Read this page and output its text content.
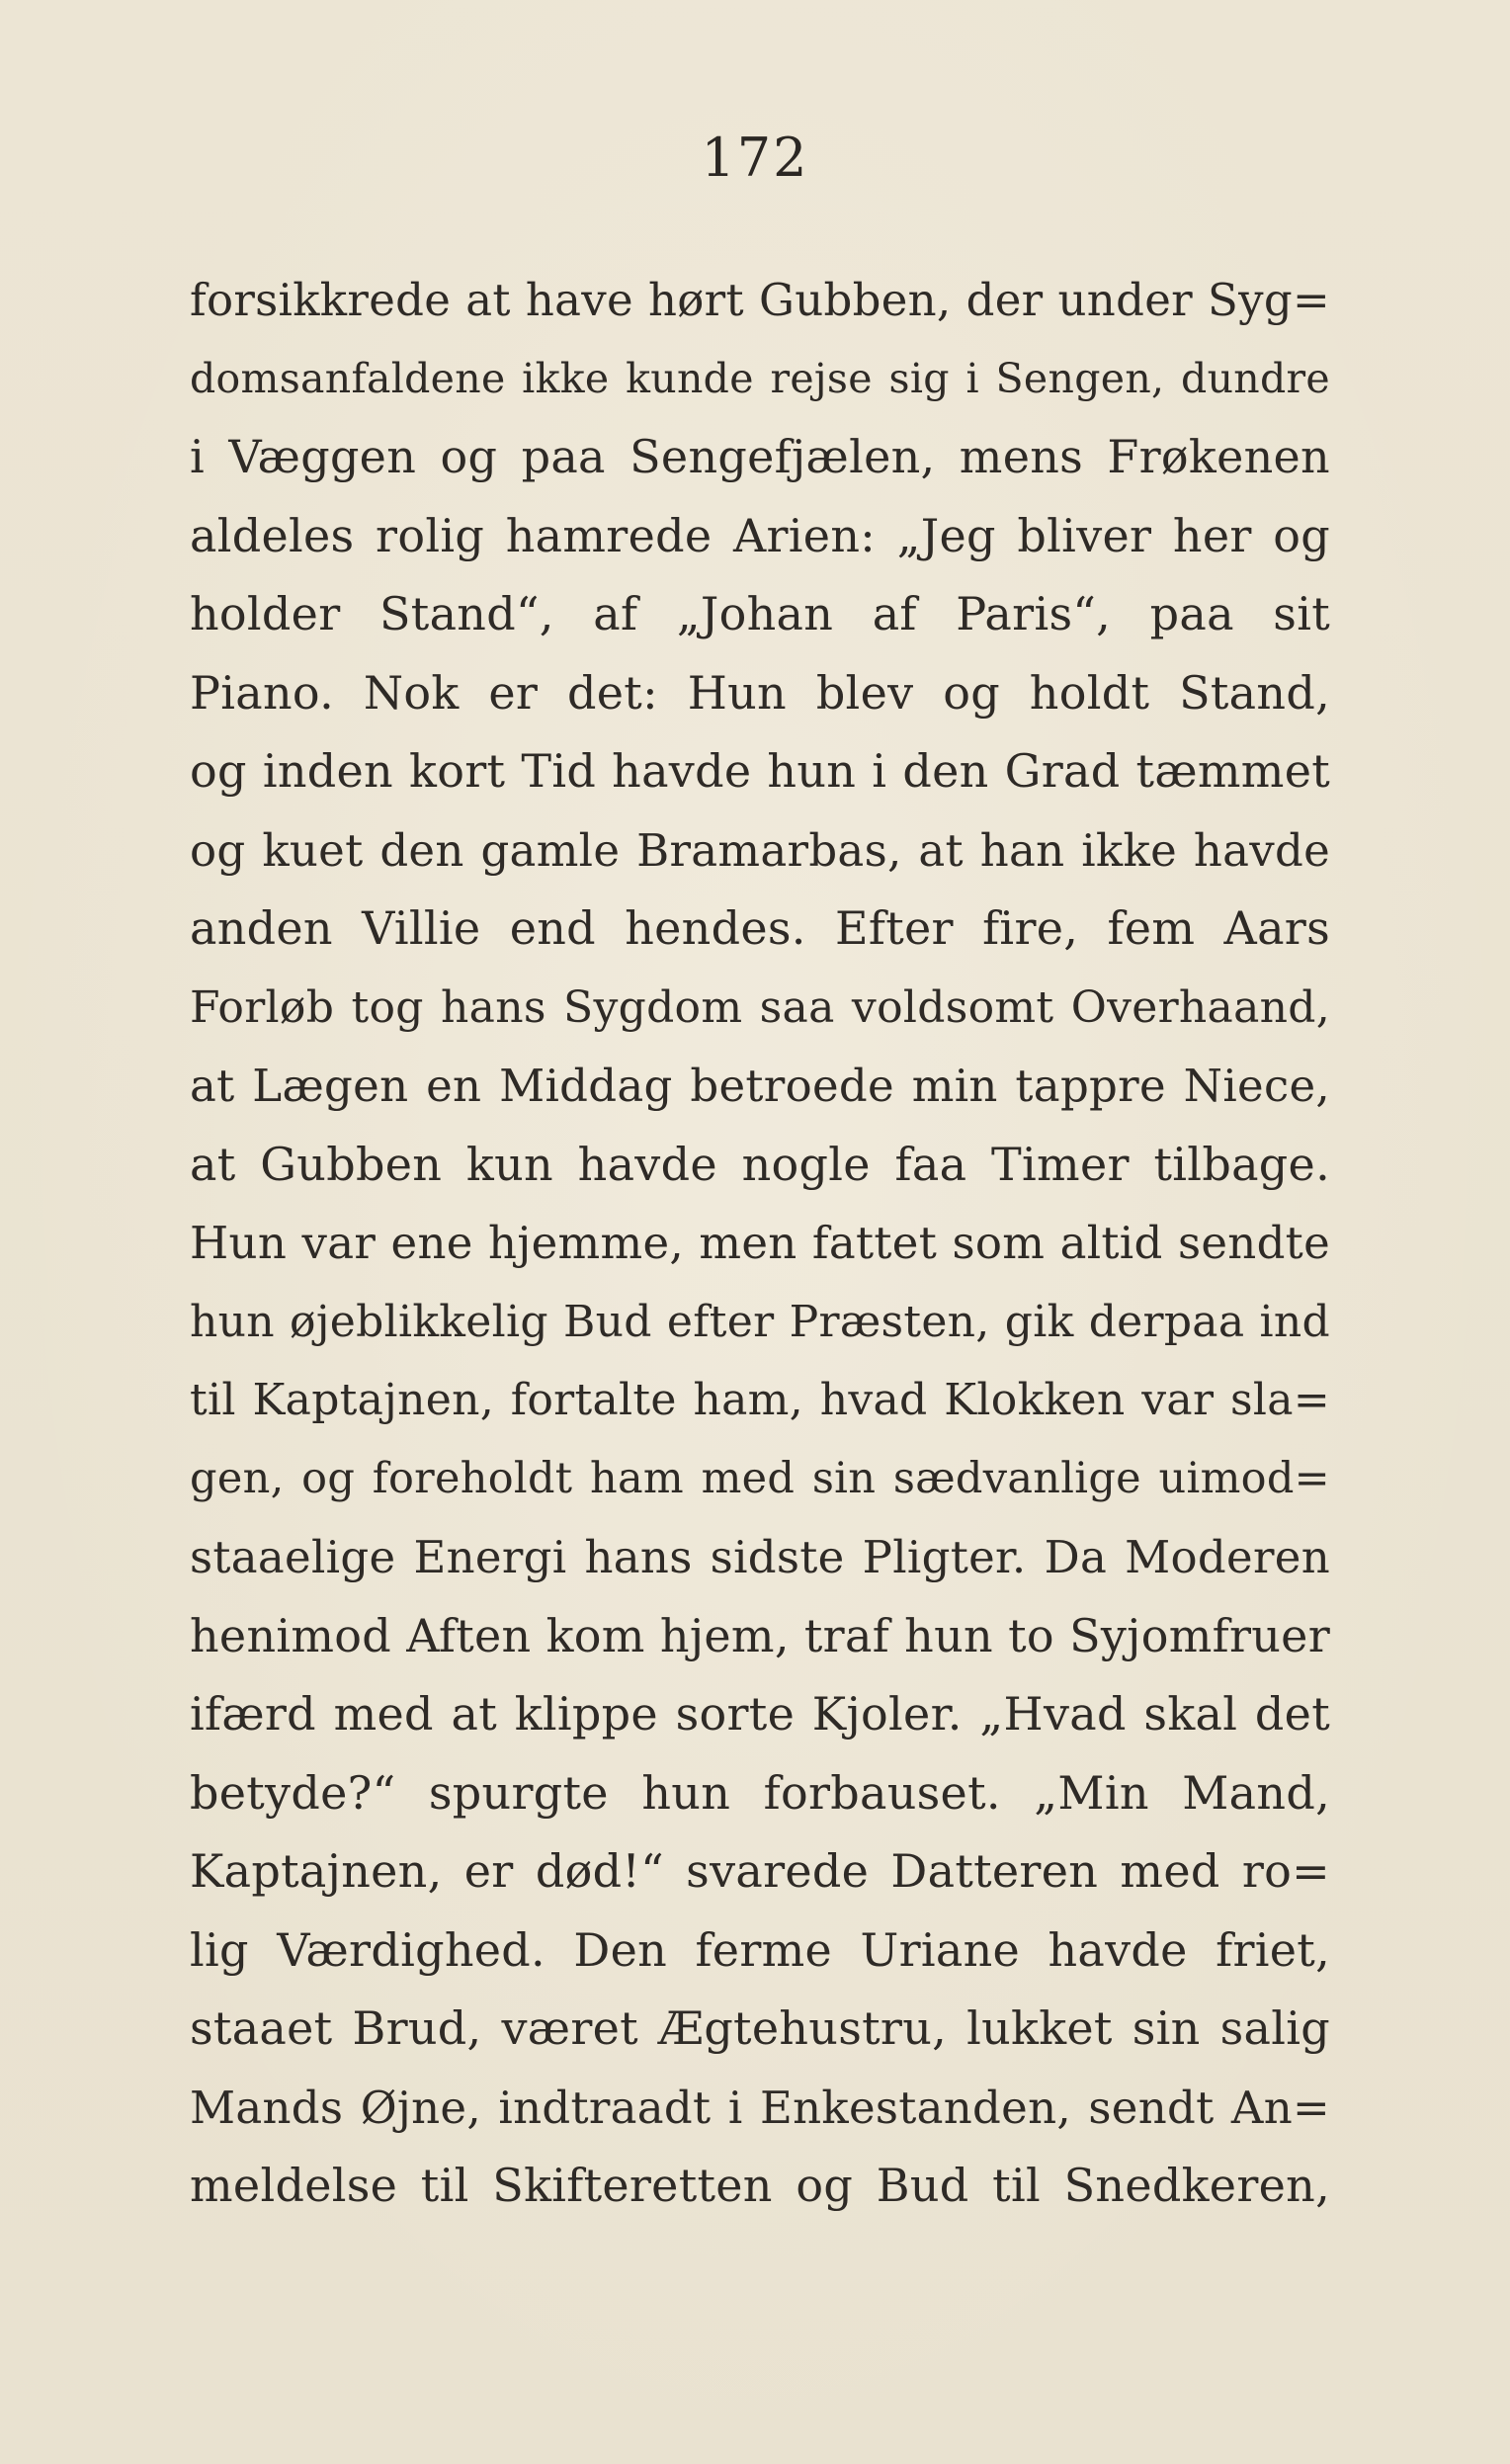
172
forsikkrede at have hørt Gubben, der under Syg=
domsanfaldene ikke kunde rejse sig i Sengen, dundre
i Væggen og paa Sengefjælen, mens Frøkenen
aldeles rolig hamrede Arien: „Jeg bliver her og
holder Stand“, af „Johan af Paris“, paa sit
Piano. Nok er det: Hun blev og holdt Stand,
og inden kort Tid havde hun i den Grad tæmmet
og kuet den gamle Bramarbas, at han ikke havde
anden Villie end hendes. Efter fire, fem Aars
Forløb tog hans Sygdom saa voldsomt Overhaand,
at Lægen en Middag betroede min tappre Niece,
at Gubben kun havde nogle faa Timer tilbage.
Hun var ene hjemme, men fattet som altid sendte
hun øjeblikkelig Bud efter Præsten, gik derpaa ind
til Kaptajnen, fortalte ham, hvad Klokken var sla=
gen, og foreholdt ham med sin sædvanlige uimod=
staaelige Energi hans sidste Pligter. Da Moderen
henimod Aften kom hjem, traf hun to Syjomfruer
ifærd med at klippe sorte Kjoler. „Hvad skal det
betyde?“ spurgte hun forbauset. „Min Mand,
Kaptajnen, er død!“ svarede Datteren med ro=
lig Værdighed. Den ferme Uriane havde friet,
staaet Brud, været Ægtehustru, lukket sin salig
Mands Øjne, indtraadt i Enkestanden, sendt An=
meldelse til Skifteretten og Bud til Snedkeren,
